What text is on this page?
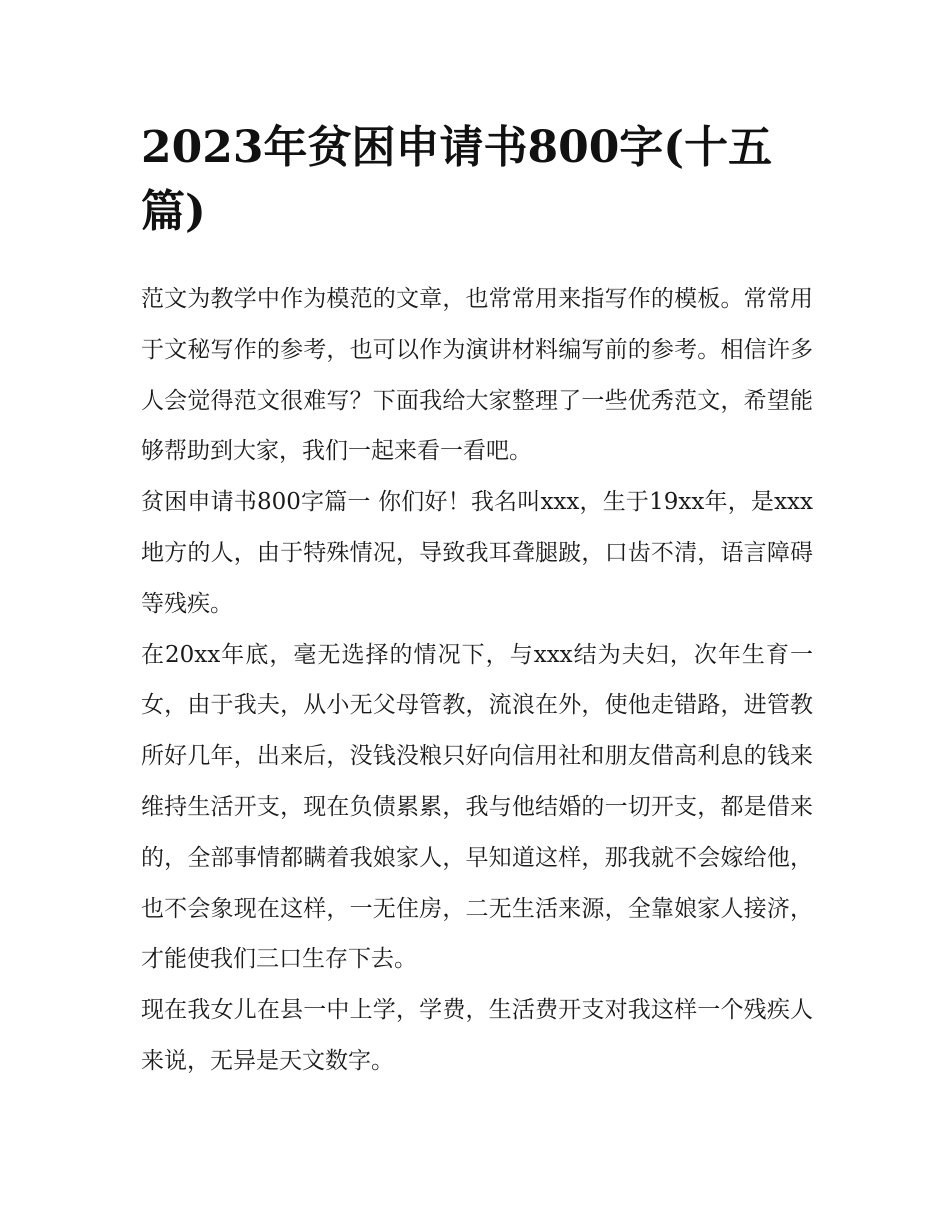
2023年贫困申请书800字(十五篇)

范文为教学中作为模范的文章，也常常用来指写作的模板。常常用于文秘写作的参考，也可以作为演讲材料编写前的参考。相信许多人会觉得范文很难写？下面我给大家整理了一些优秀范文，希望能够帮助到大家，我们一起来看一看吧。

贫困申请书800字篇一 你们好！我名叫xxx，生于19xx年，是xxx地方的人，由于特殊情况，导致我耳聋腿跛，口齿不清，语言障碍等残疾。

在20xx年底，毫无选择的情况下，与xxx结为夫妇，次年生育一女，由于我夫，从小无父母管教，流浪在外，使他走错路，进管教所好几年，出来后，没钱没粮只好向信用社和朋友借高利息的钱来维持生活开支，现在负债累累，我与他结婚的一切开支，都是借来的，全部事情都瞒着我娘家人，早知道这样，那我就不会嫁给他，也不会象现在这样，一无住房，二无生活来源，全靠娘家人接济，才能使我们三口生存下去。

现在我女儿在县一中上学，学费，生活费开支对我这样一个残疾人来说，无异是天文数字。
